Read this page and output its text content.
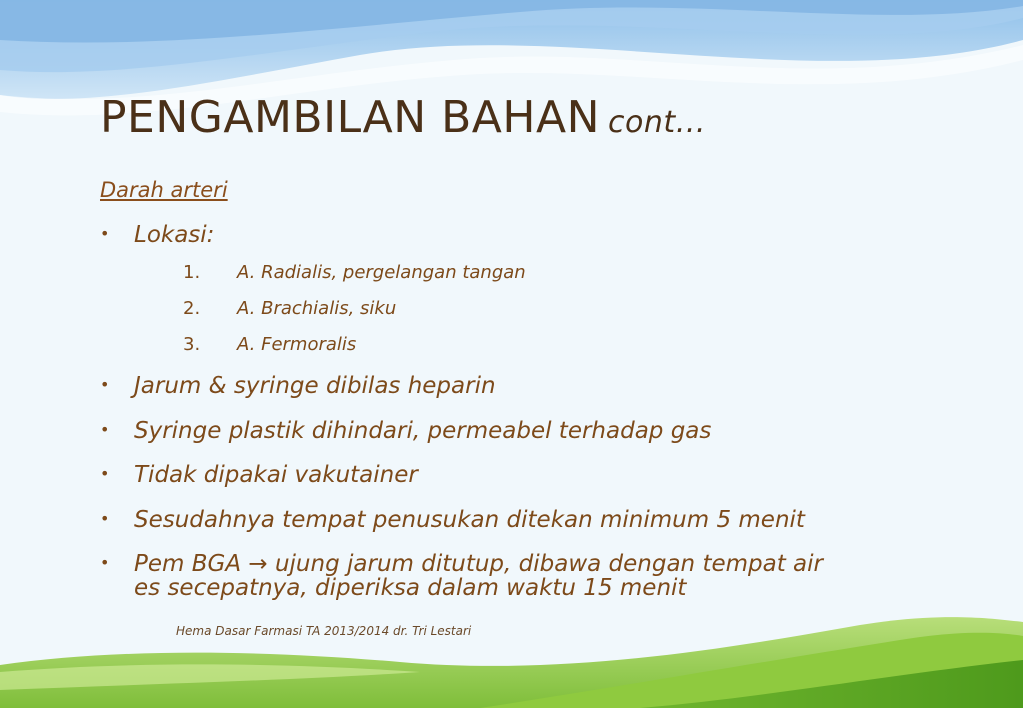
PENGAMBILAN BAHAN cont…
Darah arteri
• Lokasi:
1. A. Radialis, pergelangan tangan
2. A. Brachialis, siku
3. A. Fermoralis
• Jarum & syringe dibilas heparin
• Syringe plastik dihindari, permeabel terhadap gas
• Tidak dipakai vakutainer
• Sesudahnya tempat penusukan ditekan minimum 5 menit
• Pem BGA → ujung jarum ditutup, dibawa dengan tempat air
es secepatnya, diperiksa dalam waktu 15 menit
Hema Dasar Farmasi TA 2013/2014 dr. Tri Lestari
